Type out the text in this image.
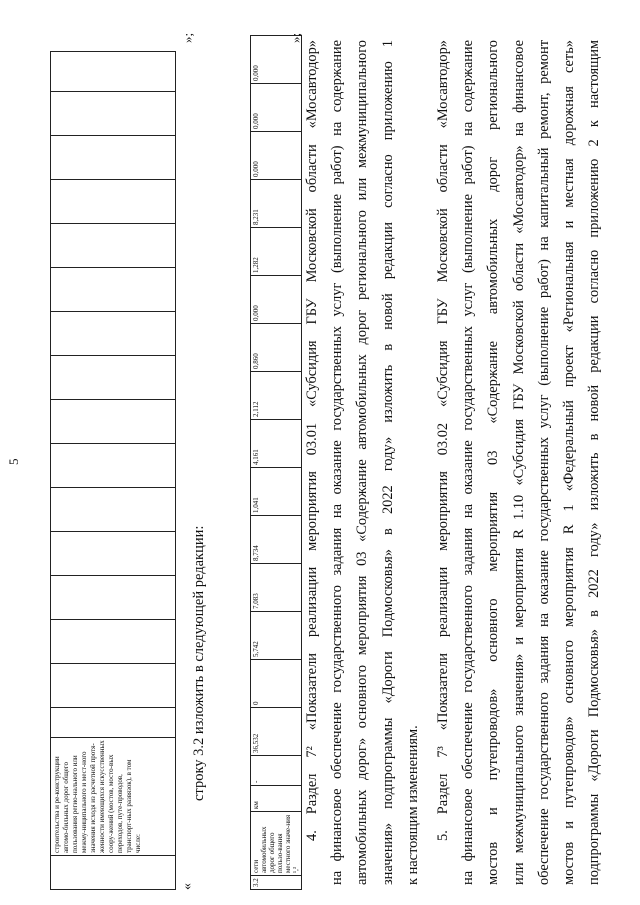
5
	строительства и ре-конструкции автомо-бильных дорог общего пользования регио-нального или межму-ниципального и мест-ного значения исходя из расчетной протя-женности имеющихся искусственных соору-жений (мостов, мосто-вых переходов, путе-проводов, транспорт-ных развязок), в том числе:																
«
»;
строку 3.2 изложить в следующей редакции:
3.2	сети автомобильных дорог общего пользо-вания местного значе-ния ¹,³	км	-	36,532	0	5,742	7,083	8,734	1,041	4,161	2,112	0,860	0,000	1,282	8,231	0,000	0,000	0,000
»;
4. Раздел 7² «Показатели реализации мероприятия 03.01 «Субсидия ГБУ Московской области «Мосавтодор» на финансовое обеспечение государственного задания на оказание государственных услуг (выполнение работ) на содержание автомобильных дорог» основного мероприятия 03 «Содержание автомобильных дорог регионального или межмуниципального значения» подпрограммы «Дороги Подмосковья» в 2022 году» изложить в новой редакции согласно приложению 1 к настоящим изменениям. 5. Раздел 7³ «Показатели реализации мероприятия 03.02 «Субсидия ГБУ Московской области «Мосавтодор» на финансовое обеспечение государственного задания на оказание государственных услуг (выполнение работ) на содержание мостов и путепроводов» основного мероприятия 03 «Содержание автомобильных дорог регионального или межмуниципального значения» и мероприятия R 1.10 «Субсидия ГБУ Московской области «Мосавтодор» на финансовое обеспечение государственного задания на оказание государственных услуг (выполнение работ) на капитальный ремонт, ремонт мостов и путепроводов» основного мероприятия R 1 «Федеральный проект «Региональная и местная дорожная сеть» подпрограммы «Дороги Подмосковья» в 2022 году» изложить в новой редакции согласно приложению 2 к настоящим
